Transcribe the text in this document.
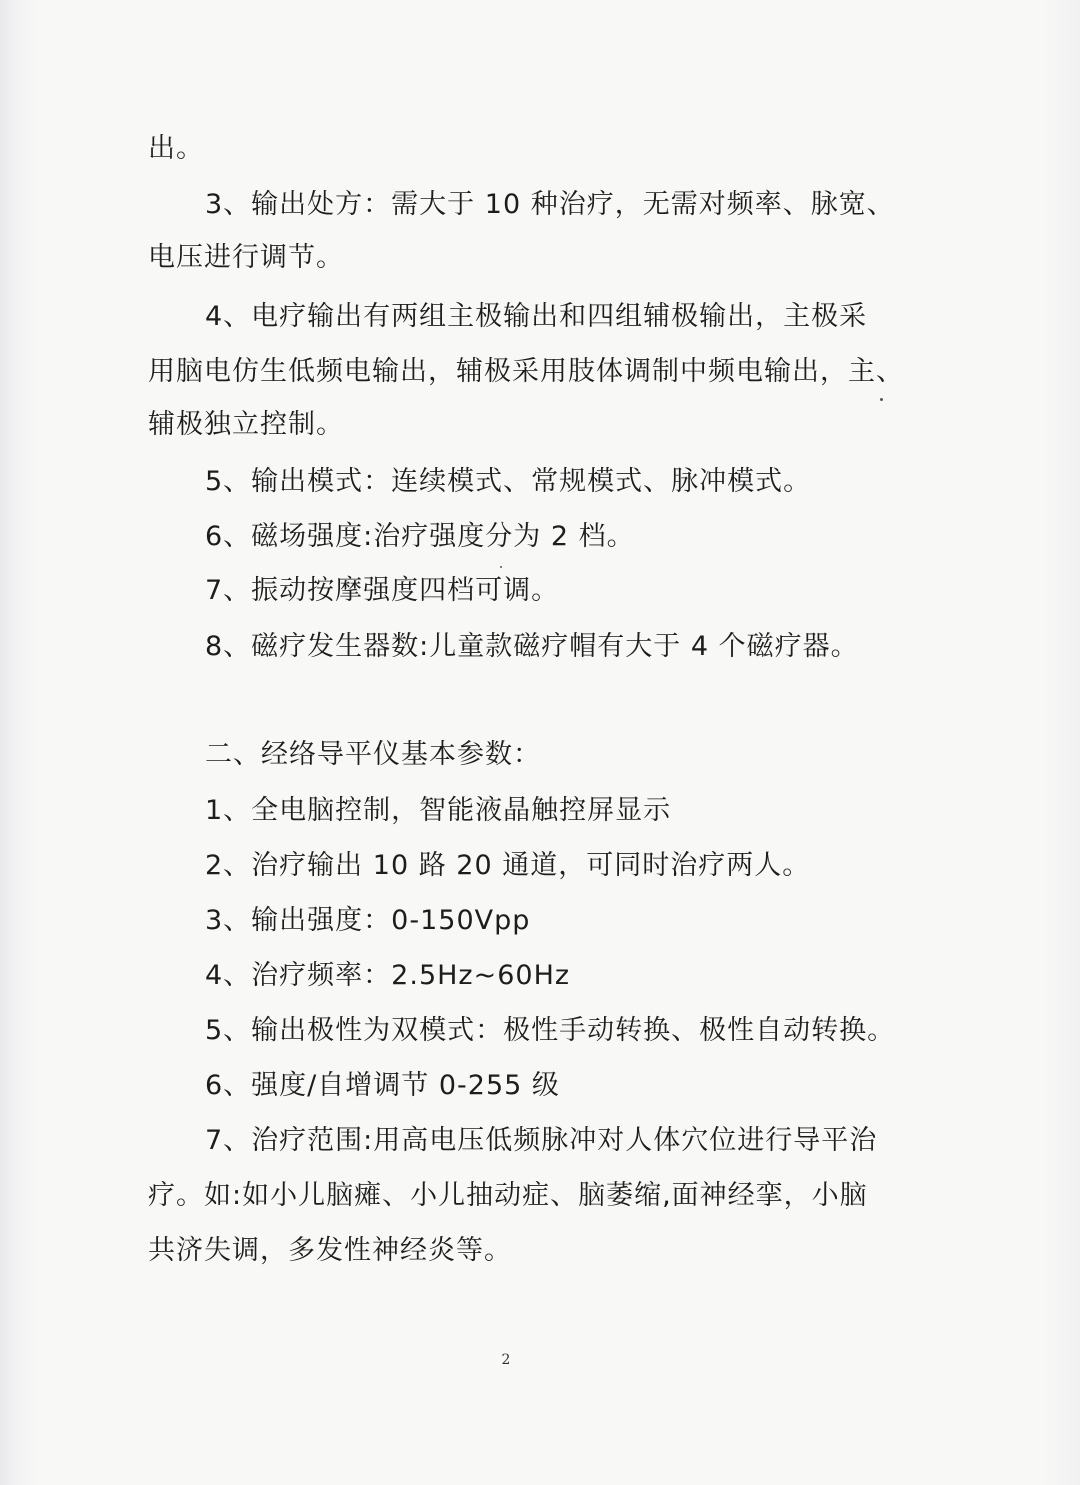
出。
3、输出处方：需大于 10 种治疗，无需对频率、脉宽、
电压进行调节。
4、电疗输出有两组主极输出和四组辅极输出，主极采
用脑电仿生低频电输出，辅极采用肢体调制中频电输出，主、
辅极独立控制。
5、输出模式：连续模式、常规模式、脉冲模式。
6、磁场强度:治疗强度分为 2 档。
7、振动按摩强度四档可调。
8、磁疗发生器数:儿童款磁疗帽有大于 4 个磁疗器。
二、经络导平仪基本参数：
1、全电脑控制，智能液晶触控屏显示
2、治疗输出 10 路 20 通道，可同时治疗两人。
3、输出强度：0-150Vpp
4、治疗频率：2.5Hz~60Hz
5、输出极性为双模式：极性手动转换、极性自动转换。
6、强度/自增调节 0-255 级
7、治疗范围:用高电压低频脉冲对人体穴位进行导平治
疗。如:如小儿脑瘫、小儿抽动症、脑萎缩,面神经挛，小脑
共济失调，多发性神经炎等。
2
